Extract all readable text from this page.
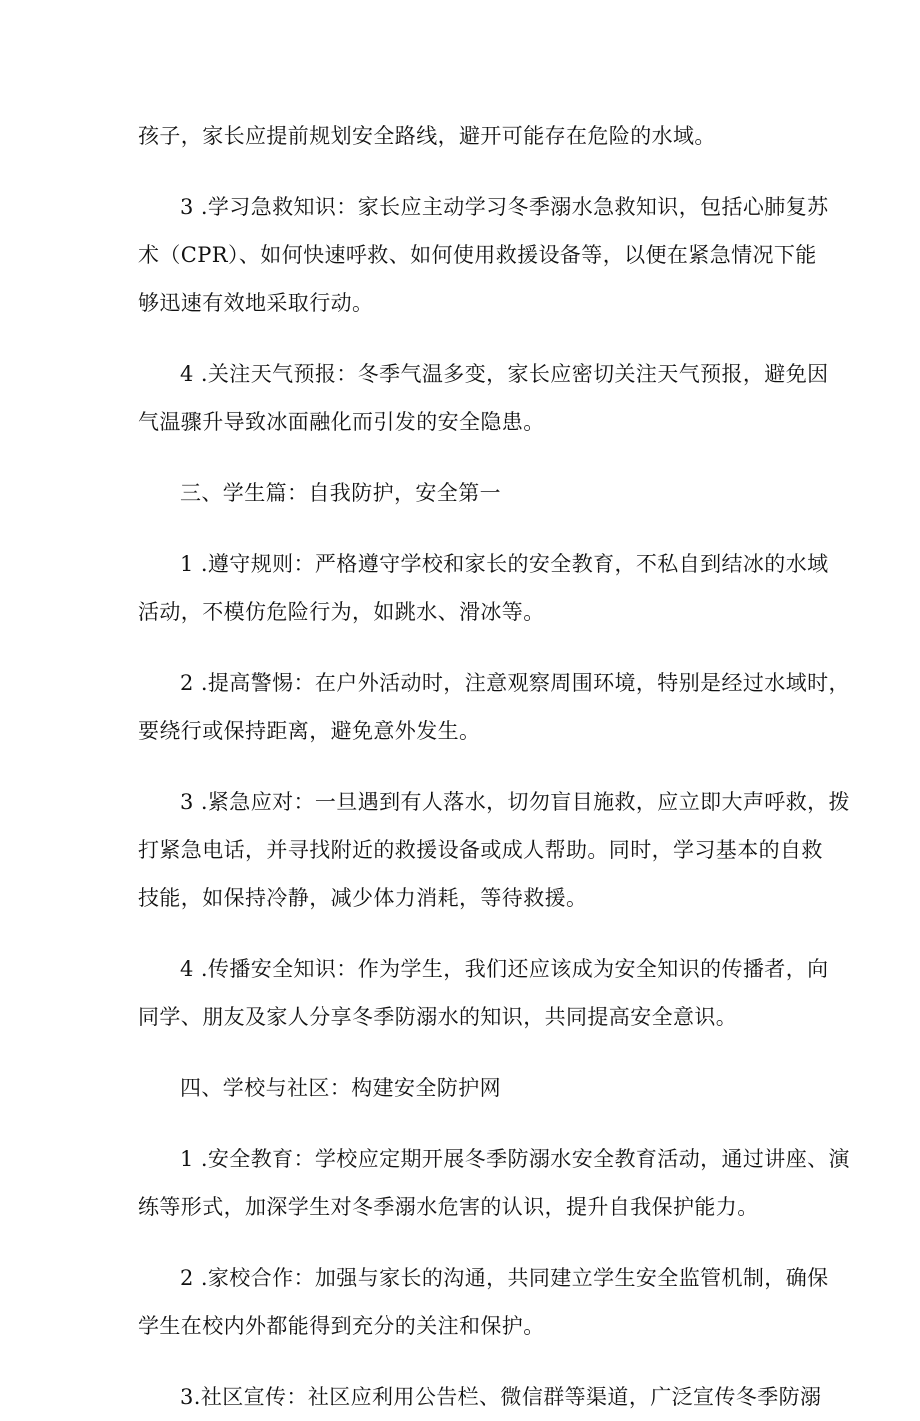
孩子，家长应提前规划安全路线，避开可能存在危险的水域。

3 .学习急救知识：家长应主动学习冬季溺水急救知识，包括心肺复苏

术（CPR）、如何快速呼救、如何使用救援设备等，以便在紧急情况下能

够迅速有效地采取行动。

4 .关注天气预报：冬季气温多变，家长应密切关注天气预报，避免因

气温骤升导致冰面融化而引发的安全隐患。

三、学生篇：自我防护，安全第一

1 .遵守规则：严格遵守学校和家长的安全教育，不私自到结冰的水域

活动，不模仿危险行为，如跳水、滑冰等。

2 .提高警惕：在户外活动时，注意观察周围环境，特别是经过水域时，

要绕行或保持距离，避免意外发生。

3 .紧急应对：一旦遇到有人落水，切勿盲目施救，应立即大声呼救，拨

打紧急电话，并寻找附近的救援设备或成人帮助。同时，学习基本的自救

技能，如保持冷静，减少体力消耗，等待救援。

4 .传播安全知识：作为学生，我们还应该成为安全知识的传播者，向

同学、朋友及家人分享冬季防溺水的知识，共同提高安全意识。

四、学校与社区：构建安全防护网

1 .安全教育：学校应定期开展冬季防溺水安全教育活动，通过讲座、演

练等形式，加深学生对冬季溺水危害的认识，提升自我保护能力。

2 .家校合作：加强与家长的沟通，共同建立学生安全监管机制，确保

学生在校内外都能得到充分的关注和保护。

3.社区宣传：社区应利用公告栏、微信群等渠道，广泛宣传冬季防溺
